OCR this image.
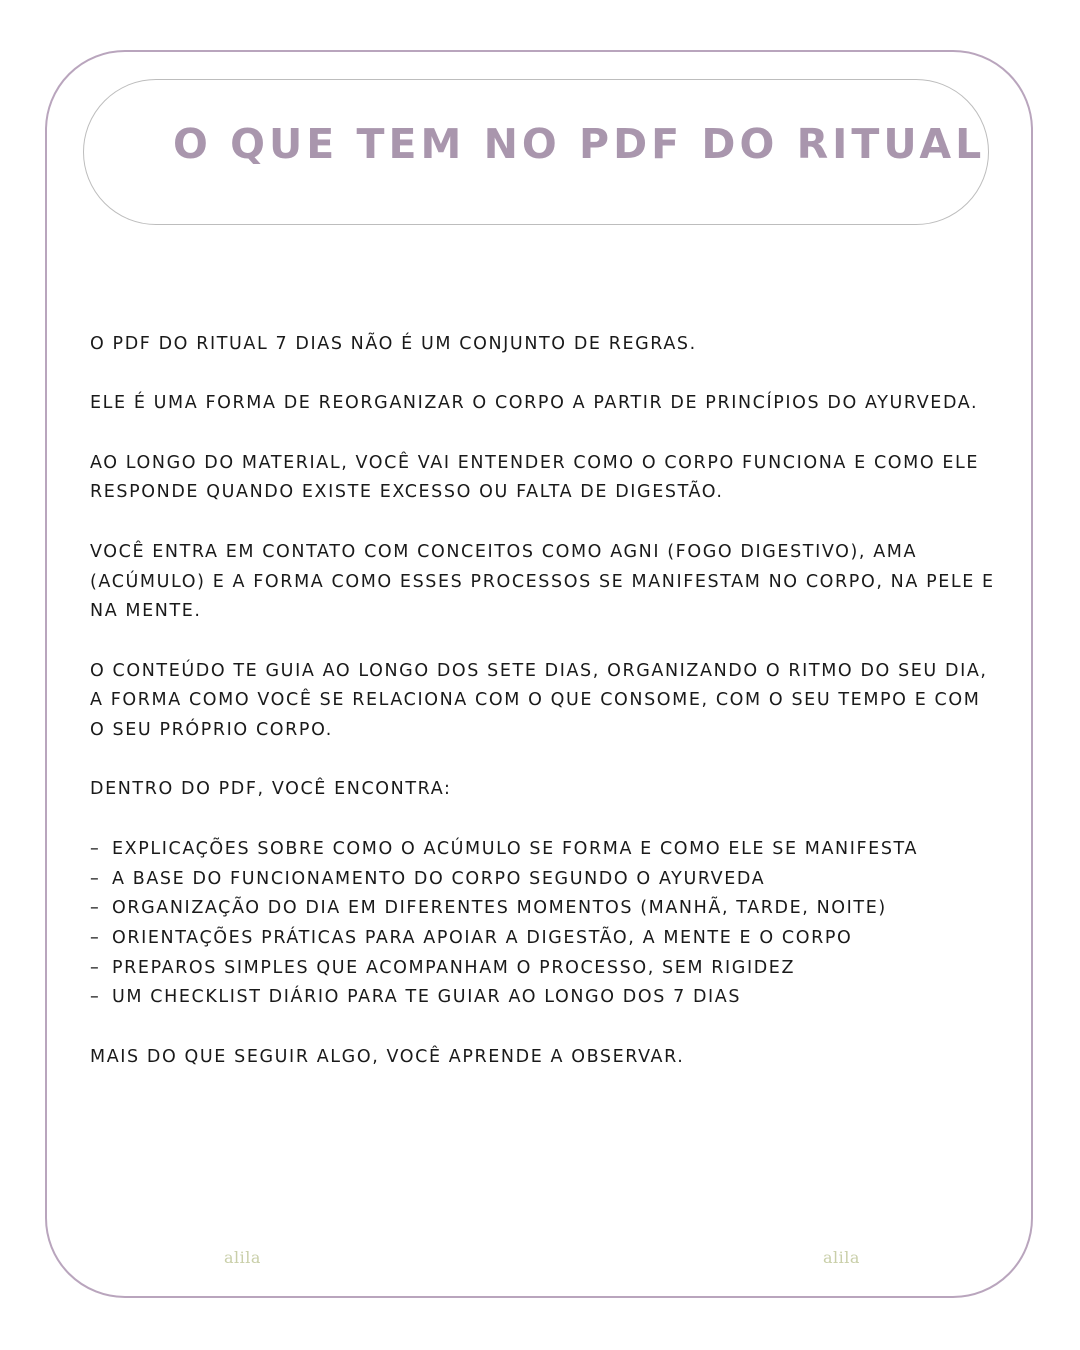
O QUE TEM NO PDF DO RITUAL

O PDF DO RITUAL 7 DIAS NÃO É UM CONJUNTO DE REGRAS.

ELE É UMA FORMA DE REORGANIZAR O CORPO A PARTIR DE PRINCÍPIOS DO AYURVEDA.

AO LONGO DO MATERIAL, VOCÊ VAI ENTENDER COMO O CORPO FUNCIONA E COMO ELE RESPONDE QUANDO EXISTE EXCESSO OU FALTA DE DIGESTÃO.

VOCÊ ENTRA EM CONTATO COM CONCEITOS COMO AGNI (FOGO DIGESTIVO), AMA (ACÚMULO) E A FORMA COMO ESSES PROCESSOS SE MANIFESTAM NO CORPO, NA PELE E NA MENTE.

O CONTEÚDO TE GUIA AO LONGO DOS SETE DIAS, ORGANIZANDO O RITMO DO SEU DIA, A FORMA COMO VOCÊ SE RELACIONA COM O QUE CONSOME, COM O SEU TEMPO E COM O SEU PRÓPRIO CORPO.

DENTRO DO PDF, VOCÊ ENCONTRA:

– EXPLICAÇÕES SOBRE COMO O ACÚMULO SE FORMA E COMO ELE SE MANIFESTA
– A BASE DO FUNCIONAMENTO DO CORPO SEGUNDO O AYURVEDA
– ORGANIZAÇÃO DO DIA EM DIFERENTES MOMENTOS (MANHÃ, TARDE, NOITE)
– ORIENTAÇÕES PRÁTICAS PARA APOIAR A DIGESTÃO, A MENTE E O CORPO
– PREPAROS SIMPLES QUE ACOMPANHAM O PROCESSO, SEM RIGIDEZ
– UM CHECKLIST DIÁRIO PARA TE GUIAR AO LONGO DOS 7 DIAS

MAIS DO QUE SEGUIR ALGO, VOCÊ APRENDE A OBSERVAR.

alila	alila
